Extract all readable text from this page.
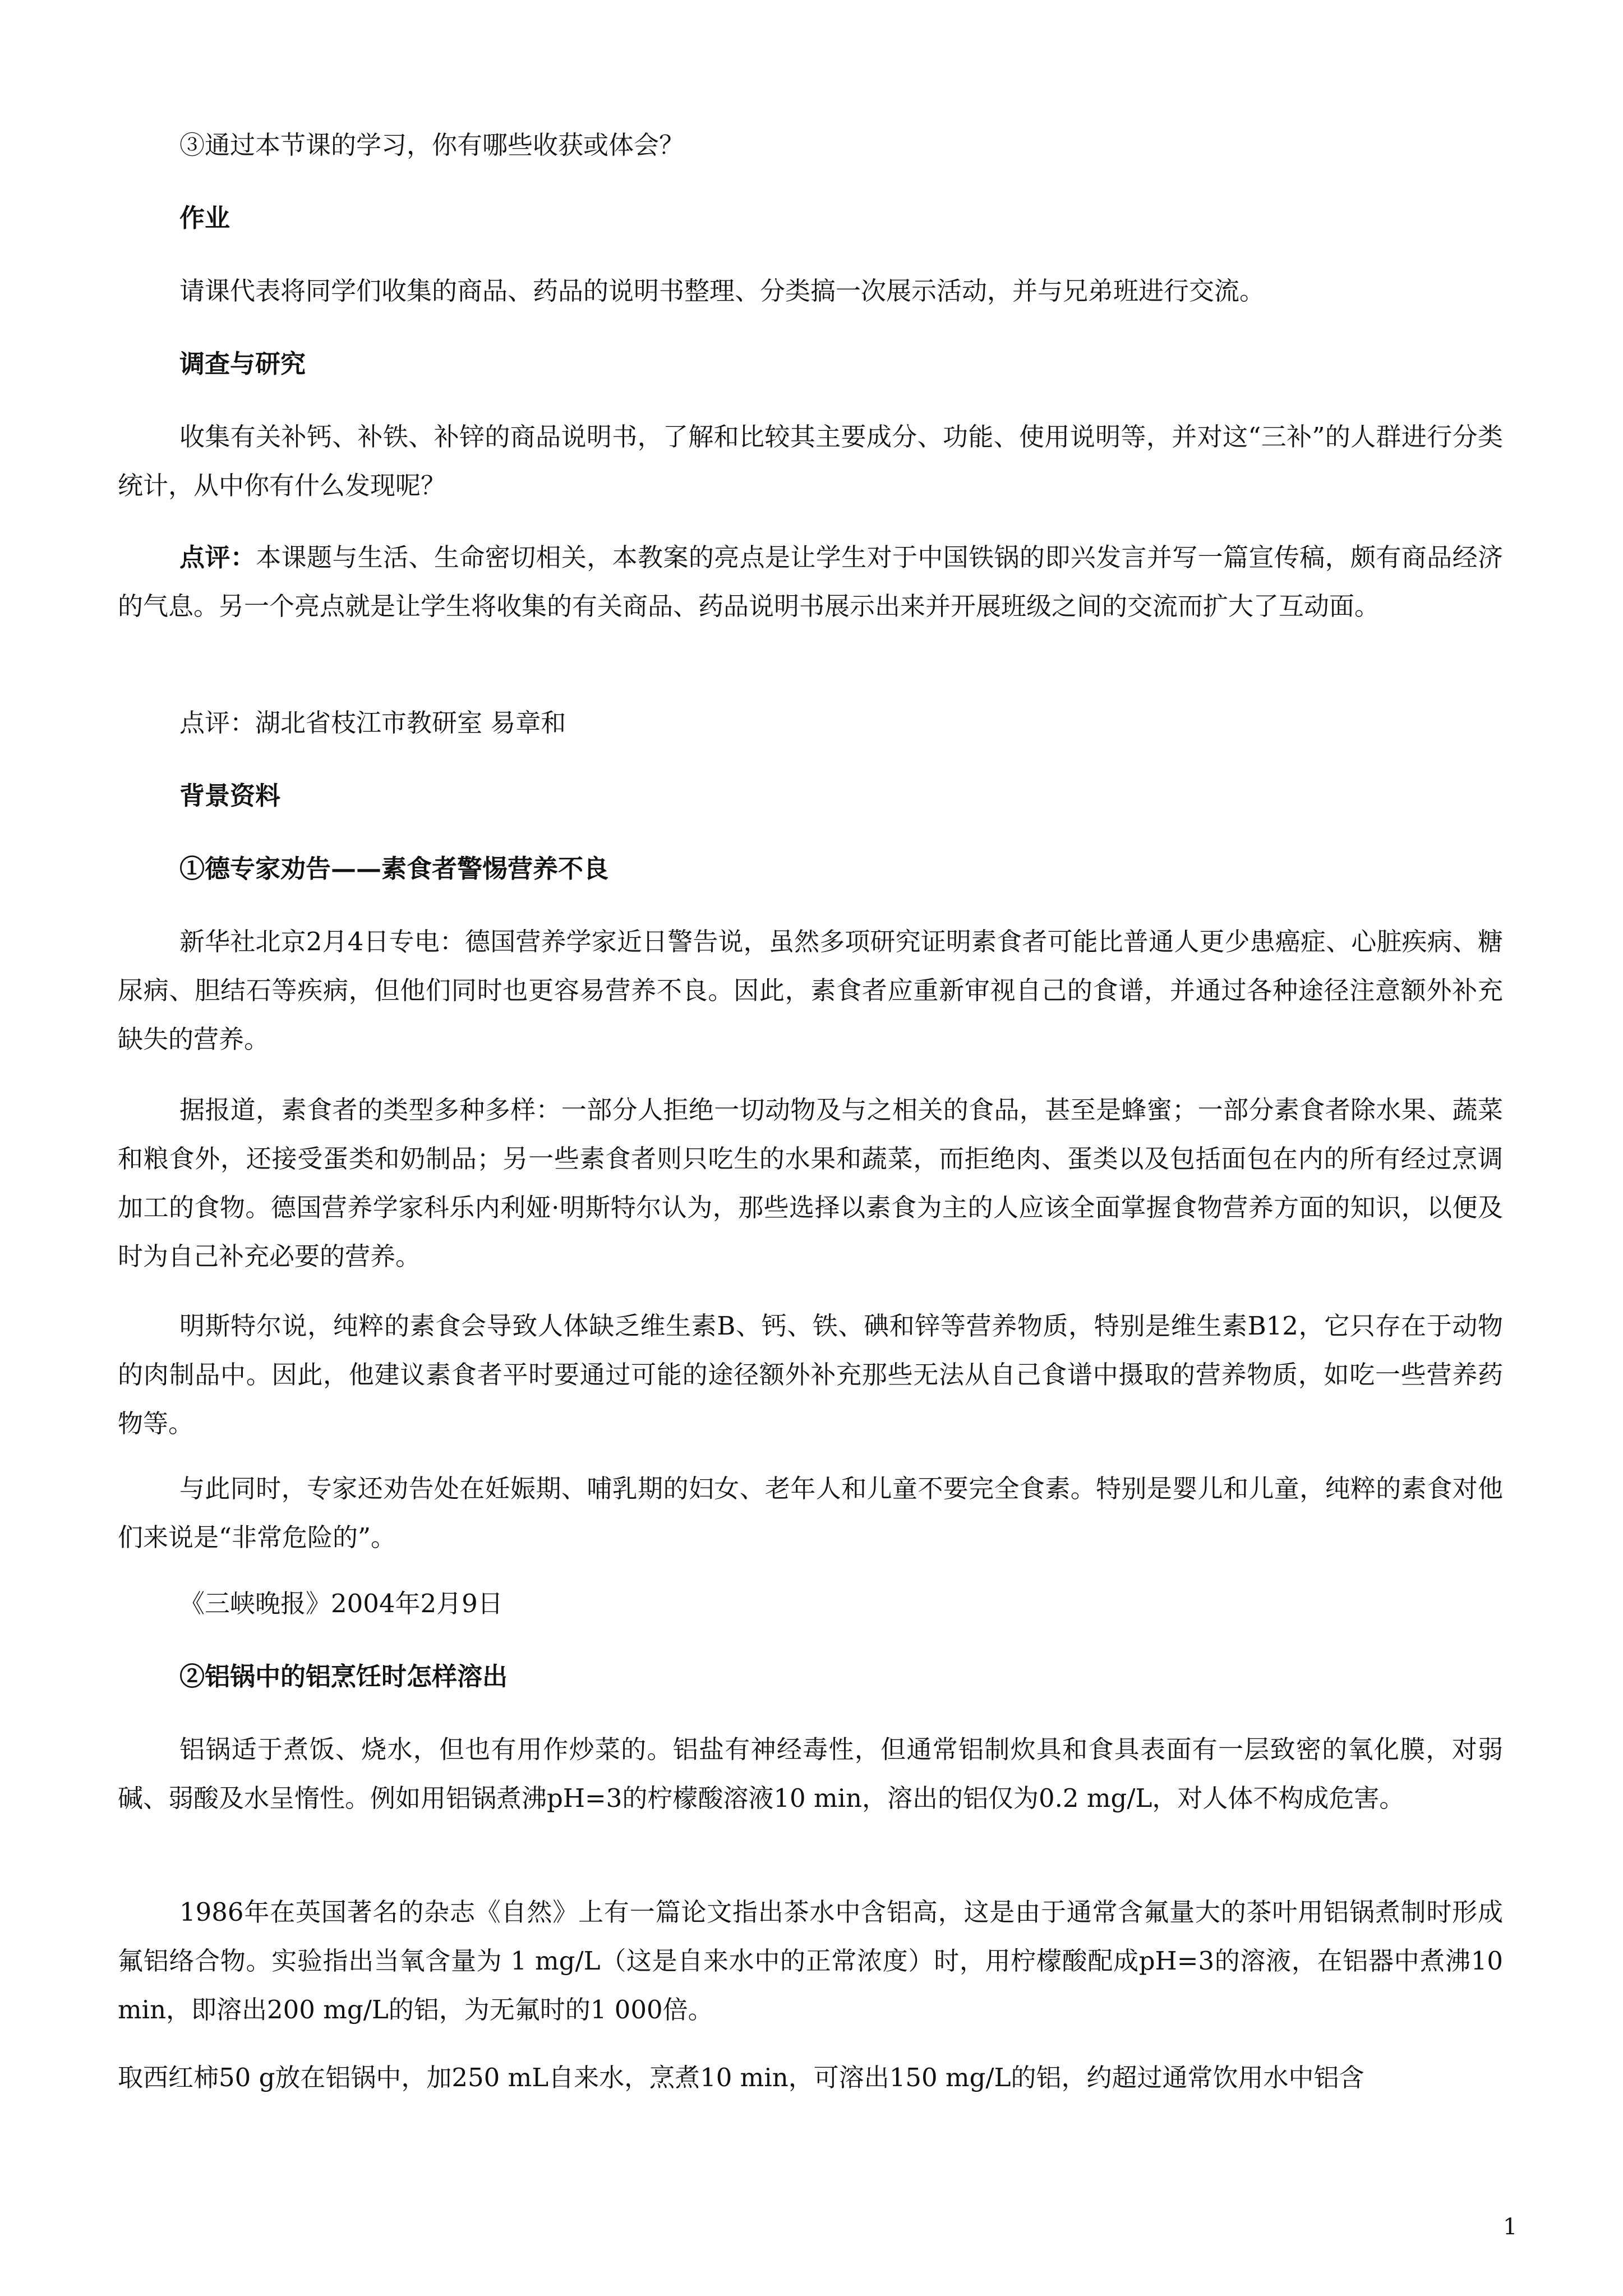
③通过本节课的学习，你有哪些收获或体会？
作业
请课代表将同学们收集的商品、药品的说明书整理、分类搞一次展示活动，并与兄弟班进行交流。
调查与研究
收集有关补钙、补铁、补锌的商品说明书，了解和比较其主要成分、功能、使用说明等，并对这“三补”的人群进行分类统计，从中你有什么发现呢？
点评：本课题与生活、生命密切相关，本教案的亮点是让学生对于中国铁锅的即兴发言并写一篇宣传稿，颇有商品经济的气息。另一个亮点就是让学生将收集的有关商品、药品说明书展示出来并开展班级之间的交流而扩大了互动面。
点评：湖北省枝江市教研室 易章和
背景资料
①德专家劝告——素食者警惕营养不良
新华社北京2月4日专电：德国营养学家近日警告说，虽然多项研究证明素食者可能比普通人更少患癌症、心脏疾病、糖尿病、胆结石等疾病，但他们同时也更容易营养不良。因此，素食者应重新审视自己的食谱，并通过各种途径注意额外补充缺失的营养。
据报道，素食者的类型多种多样：一部分人拒绝一切动物及与之相关的食品，甚至是蜂蜜；一部分素食者除水果、蔬菜和粮食外，还接受蛋类和奶制品；另一些素食者则只吃生的水果和蔬菜，而拒绝肉、蛋类以及包括面包在内的所有经过烹调加工的食物。德国营养学家科乐内利娅·明斯特尔认为，那些选择以素食为主的人应该全面掌握食物营养方面的知识，以便及时为自己补充必要的营养。
明斯特尔说，纯粹的素食会导致人体缺乏维生素B、钙、铁、碘和锌等营养物质，特别是维生素B12，它只存在于动物的肉制品中。因此，他建议素食者平时要通过可能的途径额外补充那些无法从自己食谱中摄取的营养物质，如吃一些营养药物等。
与此同时，专家还劝告处在妊娠期、哺乳期的妇女、老年人和儿童不要完全食素。特别是婴儿和儿童，纯粹的素食对他们来说是“非常危险的”。
《三峡晚报》2004年2月9日
②铝锅中的铝烹饪时怎样溶出
铝锅适于煮饭、烧水，但也有用作炒菜的。铝盐有神经毒性，但通常铝制炊具和食具表面有一层致密的氧化膜，对弱碱、弱酸及水呈惰性。例如用铝锅煮沸pH=3的柠檬酸溶液10 min，溶出的铝仅为0.2 mg/L，对人体不构成危害。
1986年在英国著名的杂志《自然》上有一篇论文指出茶水中含铝高，这是由于通常含氟量大的茶叶用铝锅煮制时形成氟铝络合物。实验指出当氧含量为 1 mg/L（这是自来水中的正常浓度）时，用柠檬酸配成pH=3的溶液，在铝器中煮沸10 min，即溶出200 mg/L的铝，为无氟时的1 000倍。
取西红柿50 g放在铝锅中，加250 mL自来水，烹煮10 min，可溶出150 mg/L的铝，约超过通常饮用水中铝含
1
